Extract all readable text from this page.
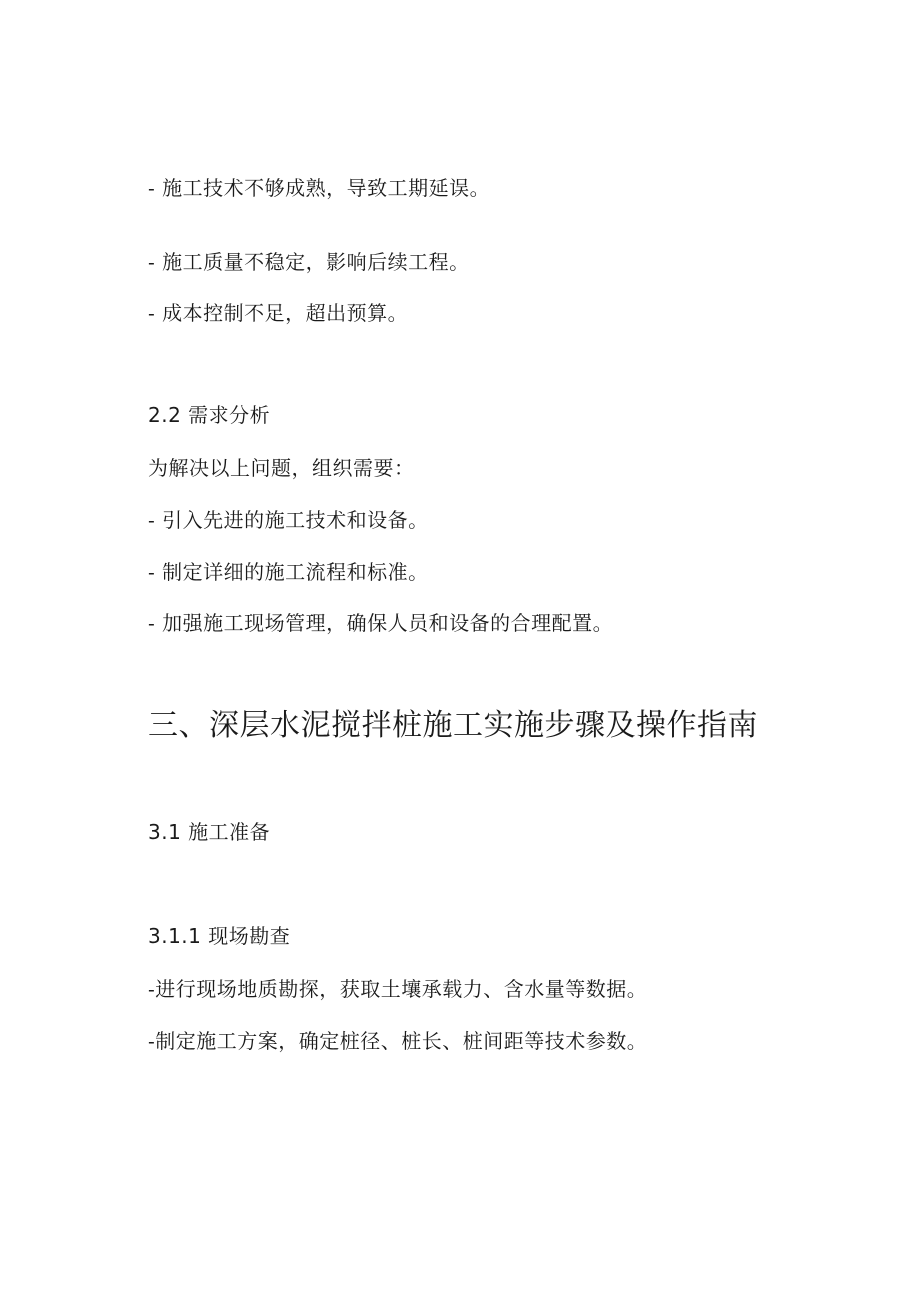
- 施工技术不够成熟，导致工期延误。
- 施工质量不稳定，影响后续工程。
- 成本控制不足，超出预算。
2.2 需求分析
为解决以上问题，组织需要：
- 引入先进的施工技术和设备。
- 制定详细的施工流程和标准。
- 加强施工现场管理，确保人员和设备的合理配置。
三、深层水泥搅拌桩施工实施步骤及操作指南
3.1 施工准备
3.1.1 现场勘查
-进行现场地质勘探，获取土壤承载力、含水量等数据。
-制定施工方案，确定桩径、桩长、桩间距等技术参数。
